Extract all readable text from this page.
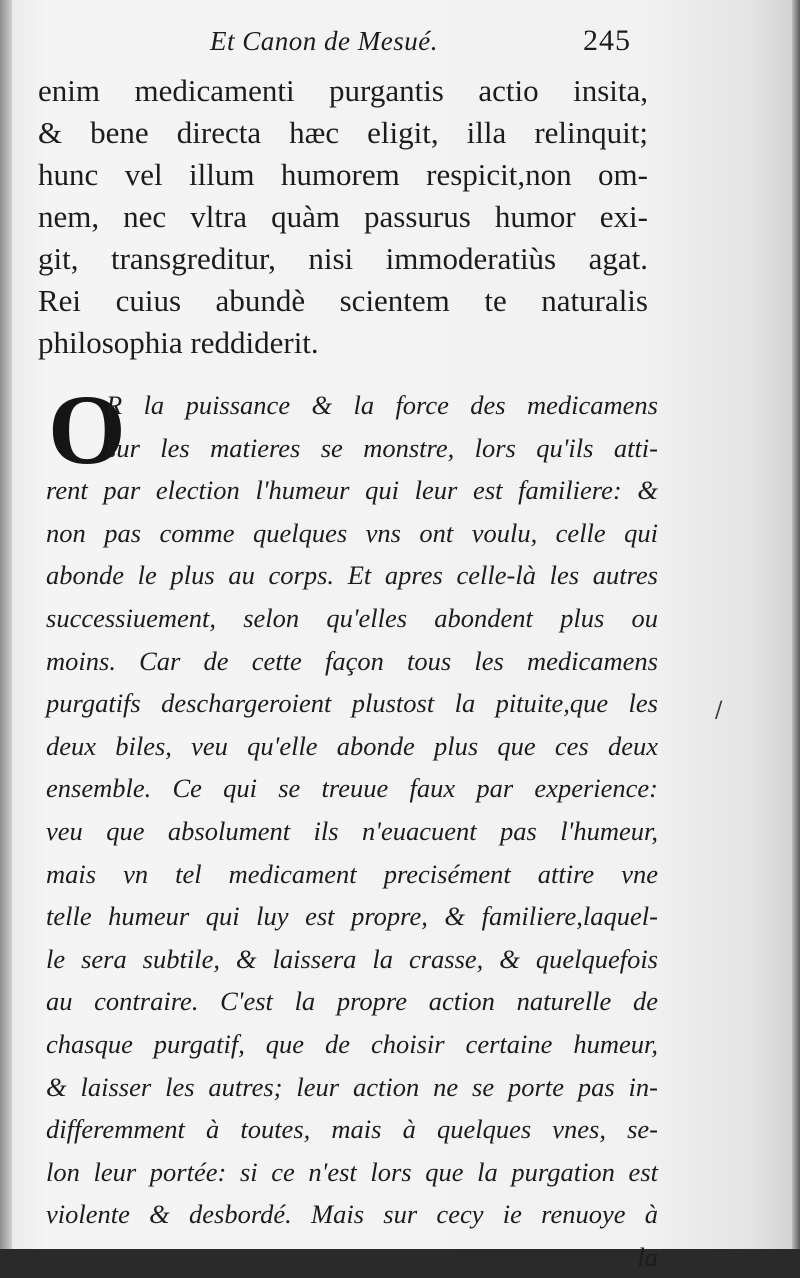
Et Canon de Mesué.	245
enim medicamenti purgantis actio insita,
& bene directa hæc eligit, illa relinquit;
hunc vel illum humorem respicit,non om-
nem, nec vltra quàm passurus humor exi-
git, transgreditur, nisi immoderatiùs agat.
Rei cuius abundè scientem te naturalis
philosophia reddiderit.
O
R la puissance & la force des medicamens
sur les matieres se monstre, lors qu'ils atti-
rent par election l'humeur qui leur est familiere: &
non pas comme quelques vns ont voulu, celle qui
abonde le plus au corps. Et apres celle-là les autres
successiuement, selon qu'elles abondent plus ou
moins. Car de cette façon tous les medicamens
purgatifs deschargeroient plustost la pituite,que les
deux biles, veu qu'elle abonde plus que ces deux
ensemble. Ce qui se treuue faux par experience:
veu que absolument ils n'euacuent pas l'humeur,
mais vn tel medicament precisément attire vne
telle humeur qui luy est propre, & familiere,laquel-
le sera subtile, & laissera la crasse, & quelquefois
au contraire. C'est la propre action naturelle de
chasque purgatif, que de choisir certaine humeur,
& laisser les autres; leur action ne se porte pas in-
differemment à toutes, mais à quelques vnes, se-
lon leur portée: si ce n'est lors que la purgation est
violente & desbordé. Mais sur cecy ie renuoye à
la
/
